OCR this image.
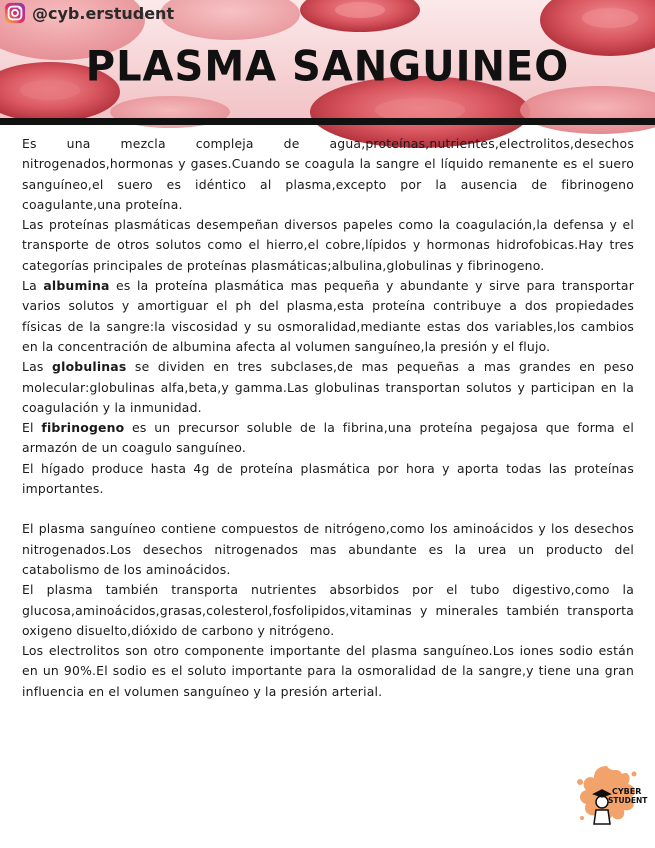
@cyb.erstudent
PLASMA SANGUINEO

Es una mezcla compleja de agua,proteínas,nutrientes,electrolitos,desechos nitrogenados,hormonas y gases.Cuando se coagula la sangre el líquido remanente es el suero sanguíneo,el suero es idéntico al plasma,excepto por la ausencia de fibrinogeno coagulante,una proteína.

Las proteínas plasmáticas desempeñan diversos papeles como la coagulación,la defensa y el transporte de otros solutos como el hierro,el cobre,lípidos y hormonas hidrofobicas.Hay tres categorías principales de proteínas plasmáticas;albulina,globulinas y fibrinogeno.

La albumina es la proteína plasmática mas pequeña y abundante y sirve para transportar varios solutos y amortiguar el ph del plasma,esta proteína contribuye a dos propiedades físicas de la sangre:la viscosidad y su osmoralidad,mediante estas dos variables,los cambios en la concentración de albumina afecta al volumen sanguíneo,la presión y el flujo.

Las globulinas se dividen en tres subclases,de mas pequeñas a mas grandes en peso molecular:globulinas alfa,beta,y gamma.Las globulinas transportan solutos y participan en la coagulación y la inmunidad.

El fibrinogeno es un precursor soluble de la fibrina,una proteína pegajosa que forma el armazón de un coagulo sanguíneo.

El hígado produce hasta 4g de proteína plasmática por hora y aporta todas las proteínas importantes.

El plasma sanguíneo contiene compuestos de nitrógeno,como los aminoácidos y los desechos nitrogenados.Los desechos nitrogenados mas abundante es la urea un producto del catabolismo de los aminoácidos.

El plasma también transporta nutrientes absorbidos por el tubo digestivo,como la glucosa,aminoácidos,grasas,colesterol,fosfolipidos,vitaminas y minerales también transporta oxigeno disuelto,dióxido de carbono y nitrógeno.

Los electrolitos son otro componente importante del plasma sanguíneo.Los iones sodio están en un 90%.El sodio es el soluto importante para la osmoralidad de la sangre,y tiene una gran influencia en el volumen sanguíneo y la presión arterial.

CYBER
STUDENT
